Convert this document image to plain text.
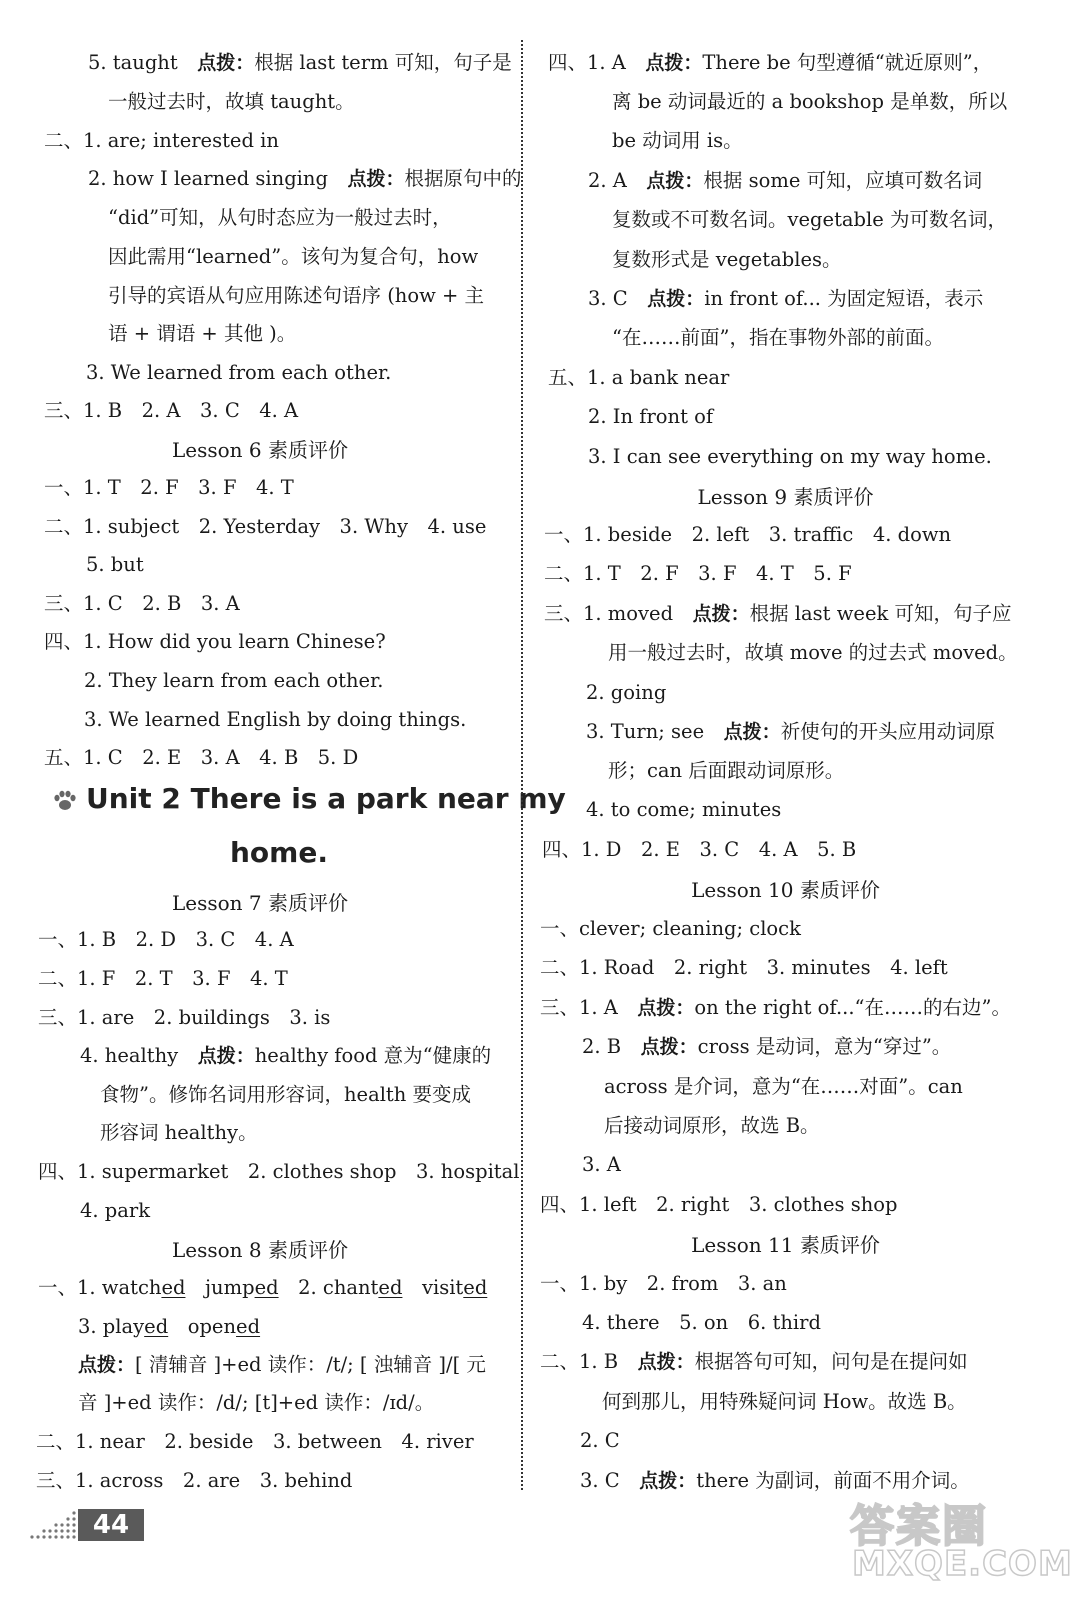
5. taught　 点拨：根据 last term 可知，句子是
一般过去时，故填 taught。
二、1. are; interested in
2. how I learned singing　 点拨：根据原句中的
“did”可知，从句时态应为一般过去时，
因此需用“learned”。该句为复合句，how
引导的宾语从句应用陈述句语序 (how + 主
语 + 谓语 + 其他 )。
3. We learned from each other.
三、1. B　2. A　3. C　4. A
Lesson 6 素质评价
一、1. T　2. F　3. F　4. T
二、1. subject　2. Yesterday　3. Why　4. use
5. but
三、1. C　2. B　3. A
四、1. How did you learn Chinese?
2. They learn from each other.
3. We learned English by doing things.
五、1. C　2. E　3. A　4. B　5. D
Unit 2 There is a park near my
home.
Lesson 7 素质评价
一、1. B　2. D　3. C　4. A
二、1. F　2. T　3. F　4. T
三、1. are　2. buildings　3. is
4. healthy　 点拨：healthy food 意为“健康的
食物”。修饰名词用形容词，health 要变成
形容词 healthy。
四、1. supermarket　2. clothes shop　3. hospital
4. park
Lesson 8 素质评价
一、1. watched　jumped　2. chanted　visited
3. played　opened
点拨：[ 清辅音 ]+ed 读作：/t/; [ 浊辅音 ]/[ 元
音 ]+ed 读作：/d/; [t]+ed 读作：/ɪd/。
二、1. near　2. beside　3. between　4. river
三、1. across　2. are　3. behind
四、1. A　 点拨：There be 句型遵循“就近原则”，
离 be 动词最近的 a bookshop 是单数，所以
be 动词用 is。
2. A　 点拨：根据 some 可知，应填可数名词
复数或不可数名词。vegetable 为可数名词，
复数形式是 vegetables。
3. C　 点拨：in front of... 为固定短语，表示
“在……前面”，指在事物外部的前面。
五、1. a bank near
2. In front of
3. I can see everything on my way home.
Lesson 9 素质评价
一、1. beside　2. left　3. traffic　4. down
二、1. T　2. F　3. F　4. T　5. F
三、1. moved　 点拨：根据 last week 可知，句子应
用一般过去时，故填 move 的过去式 moved。
2. going
3. Turn; see　 点拨：祈使句的开头应用动词原
形；can 后面跟动词原形。
4. to come; minutes
四、1. D　2. E　3. C　4. A　5. B
Lesson 10 素质评价
一、clever; cleaning; clock
二、1. Road　2. right　3. minutes　4. left
三、1. A　 点拨：on the right of...“在……的右边”。
2. B　 点拨：cross 是动词，意为“穿过”。
across 是介词，意为“在……对面”。can
后接动词原形，故选 B。
3. A
四、1. left　2. right　3. clothes shop
Lesson 11 素质评价
一、1. by　2. from　3. an
4. there　5. on　6. third
二、1. B　 点拨：根据答句可知，问句是在提问如
何到那儿，用特殊疑问词 How。故选 B。
2. C
3. C　 点拨：there 为副词，前面不用介词。
44	答案圈
MXQE.COM
